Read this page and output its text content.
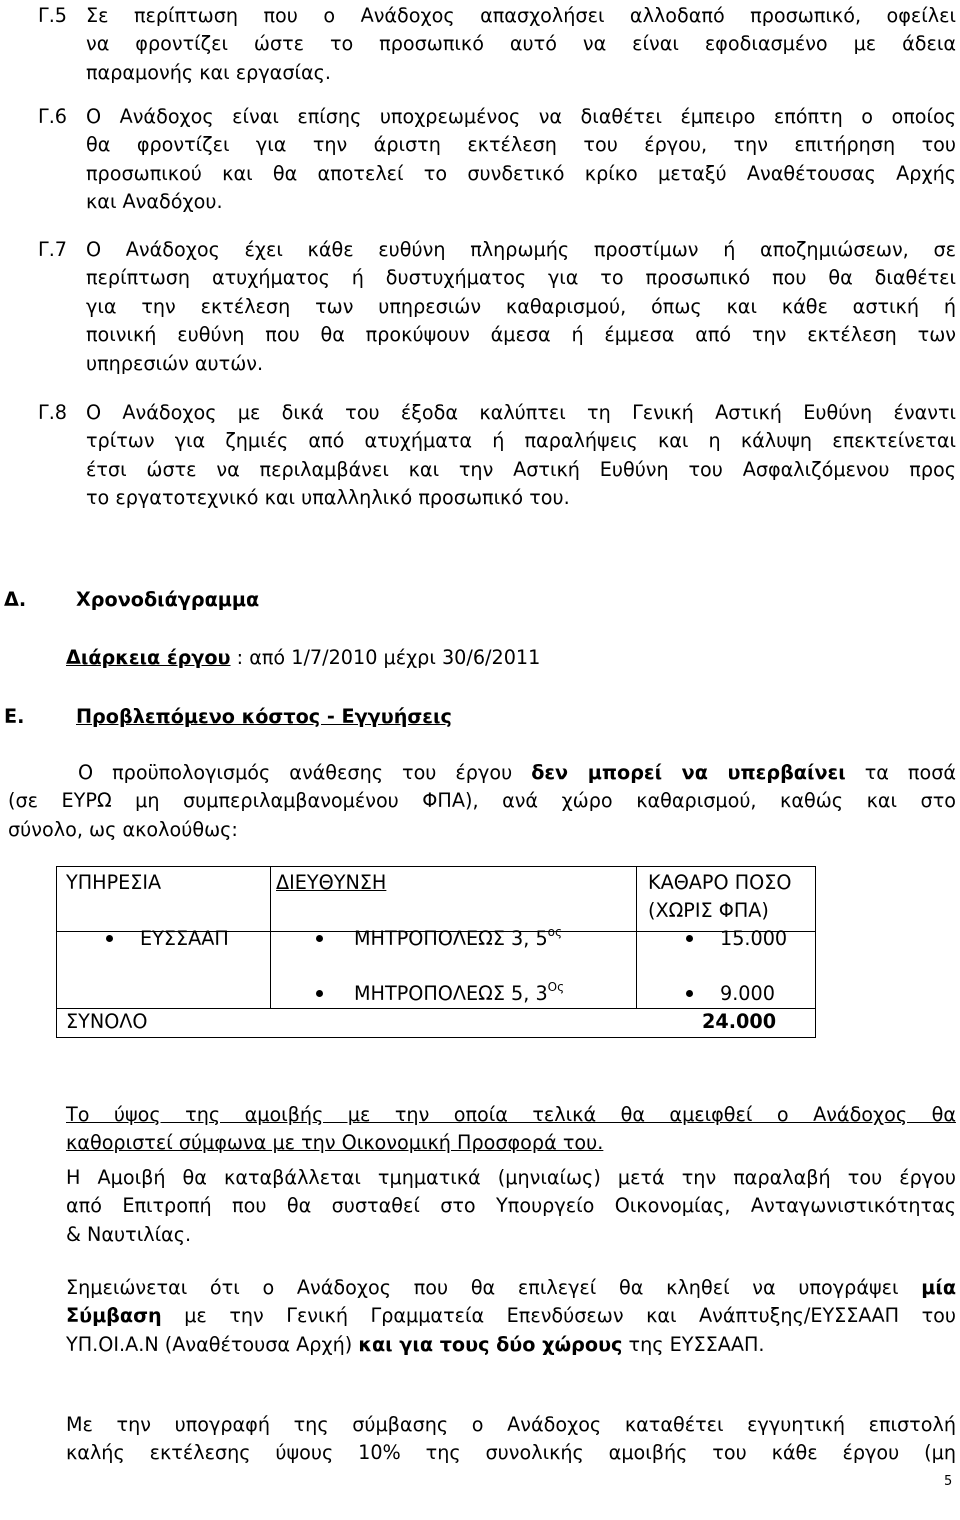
Γ.5 Σε περίπτωση που ο Ανάδοχος απασχολήσει αλλοδαπό προσωπικό, οφείλει
να φροντίζει ώστε το προσωπικό αυτό να είναι εφοδιασμένο με άδεια
παραμονής και εργασίας.
Γ.6 Ο Ανάδοχος είναι επίσης υποχρεωμένος να διαθέτει έμπειρο επόπτη ο οποίος
θα φροντίζει για την άριστη εκτέλεση του έργου, την επιτήρηση του
προσωπικού και θα αποτελεί το συνδετικό κρίκο μεταξύ Αναθέτουσας Αρχής
και Αναδόχου.
Γ.7 Ο Ανάδοχος έχει κάθε ευθύνη πληρωμής προστίμων ή αποζημιώσεων, σε
περίπτωση ατυχήματος ή δυστυχήματος για το προσωπικό που θα διαθέτει
για την εκτέλεση των υπηρεσιών καθαρισμού, όπως και κάθε αστική ή
ποινική ευθύνη που θα προκύψουν άμεσα ή έμμεσα από την εκτέλεση των
υπηρεσιών αυτών.
Γ.8 Ο Ανάδοχος με δικά του έξοδα καλύπτει τη Γενική Αστική Ευθύνη έναντι
τρίτων για ζημιές από ατυχήματα ή παραλήψεις και η κάλυψη επεκτείνεται
έτσι ώστε να περιλαμβάνει και την Αστική Ευθύνη του Ασφαλιζόμενου προς
το εργατοτεχνικό και υπαλληλικό προσωπικό του.
Δ.	Χρονοδιάγραμμα
Διάρκεια έργου : από 1/7/2010 μέχρι 30/6/2011
Ε.	Προβλεπόμενο κόστος - Εγγυήσεις
Ο προϋπολογισμός ανάθεσης του έργου δεν μπορεί να υπερβαίνει τα ποσά
(σε ΕΥΡΩ μη συμπεριλαμβανομένου ΦΠΑ), ανά χώρο καθαρισμού, καθώς και στο
σύνολο, ως ακολούθως:
ΥΠΗΡΕΣΙΑ	ΔΙΕΥΘΥΝΣΗ	ΚΑΘΑΡΟ ΠΟΣΟ
(ΧΩΡΙΣ ΦΠΑ)
ΕΥΣΣΑΑΠ	ΜΗΤΡΟΠΟΛΕΩΣ 3, $5^{o\varsigma}$	15.000
ΜΗΤΡΟΠΟΛΕΩΣ 5, $3^{O\varsigma}$	9.000
ΣΥΝΟΛΟ	24.000
Το ύψος της αμοιβής με την οποία τελικά θα αμειφθεί ο Ανάδοχος θα
καθοριστεί σύμφωνα με την Οικονομική Προσφορά του.
Η Αμοιβή θα καταβάλλεται τμηματικά (μηνιαίως) μετά την παραλαβή του έργου
από Επιτροπή που θα συσταθεί στο Υπουργείο Οικονομίας, Ανταγωνιστικότητας
& Ναυτιλίας.
Σημειώνεται ότι ο Ανάδοχος που θα επιλεγεί θα κληθεί να υπογράψει μία
Σύμβαση με την Γενική Γραμματεία Επενδύσεων και Ανάπτυξης/ΕΥΣΣΑΑΠ του
ΥΠ.ΟΙ.Α.Ν (Αναθέτουσα Αρχή) και για τους δύο χώρους της ΕΥΣΣΑΑΠ.
Με την υπογραφή της σύμβασης ο Ανάδοχος καταθέτει εγγυητική επιστολή
καλής εκτέλεσης ύψους 10% της συνολικής αμοιβής του κάθε έργου (μη
5
